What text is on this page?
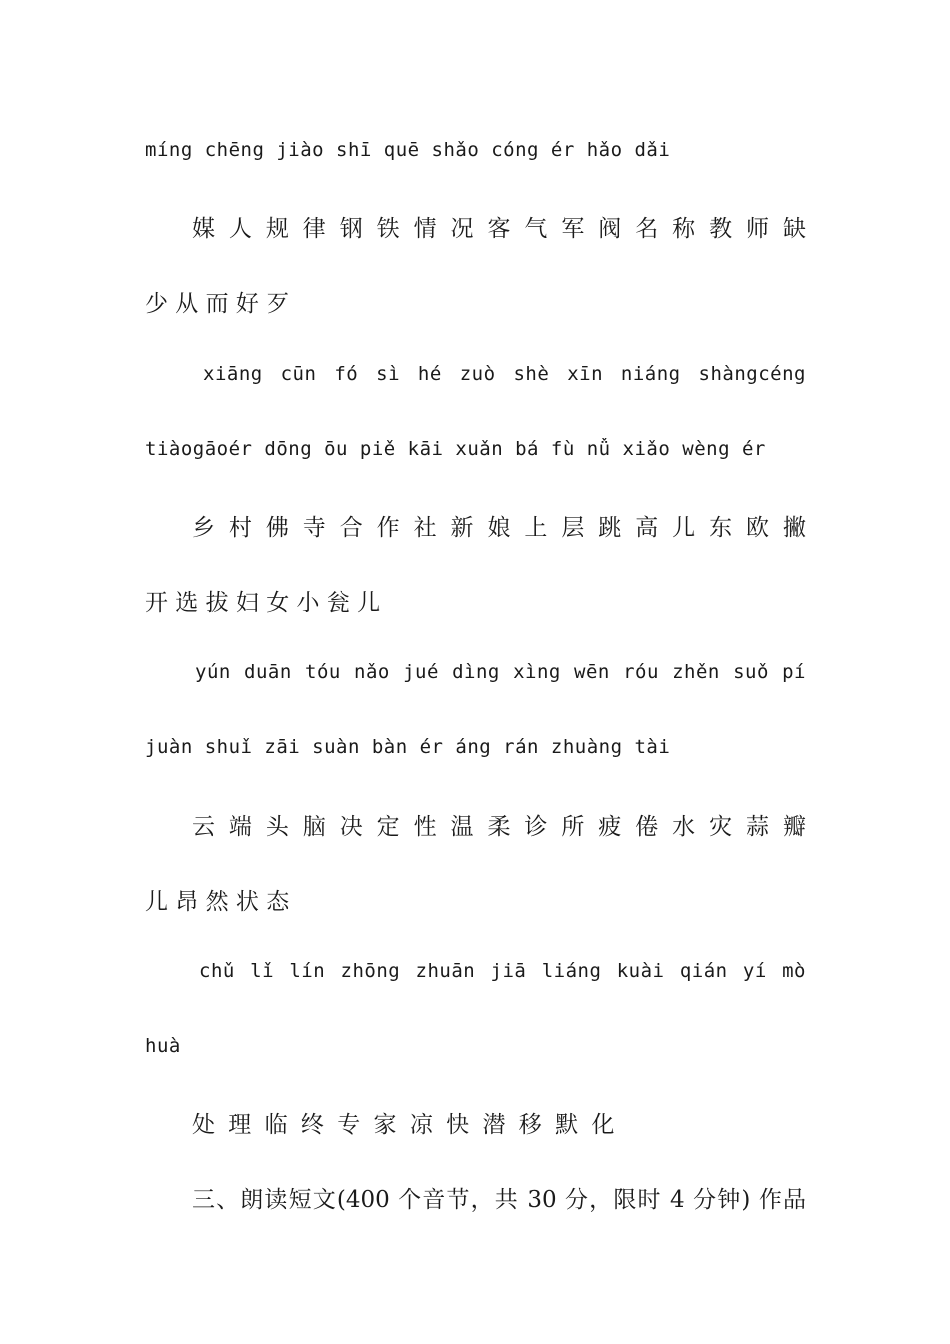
míng chēng jiào shī quē shǎo cóng ér hǎo dǎi
媒 人 规 律 钢 铁 情 况 客 气 军 阀 名 称 教 师 缺
少 从 而 好 歹
xiāng cūn fó sì hé zuò shè xīn niáng shàngcéng
tiàogāoér dōng ōu piě kāi xuǎn bá fù nǚ xiǎo wèng ér
乡 村 佛 寺 合 作 社 新 娘 上 层 跳 高 儿 东 欧 撇
开 选 拔 妇 女 小 瓮 儿
yún duān tóu nǎo jué dìng xìng wēn róu zhěn suǒ pí
juàn shuǐ zāi suàn bàn ér áng rán zhuàng tài
云 端 头 脑 决 定 性 温 柔 诊 所 疲 倦 水 灾 蒜 瓣
儿 昂 然 状 态
chǔ lǐ lín zhōng zhuān jiā liáng kuài qián yí mò
huà
处 理 临 终 专 家 凉 快 潜 移 默 化
三、朗读短文(400 个音节，共 30 分，限时 4 分钟) 作品
